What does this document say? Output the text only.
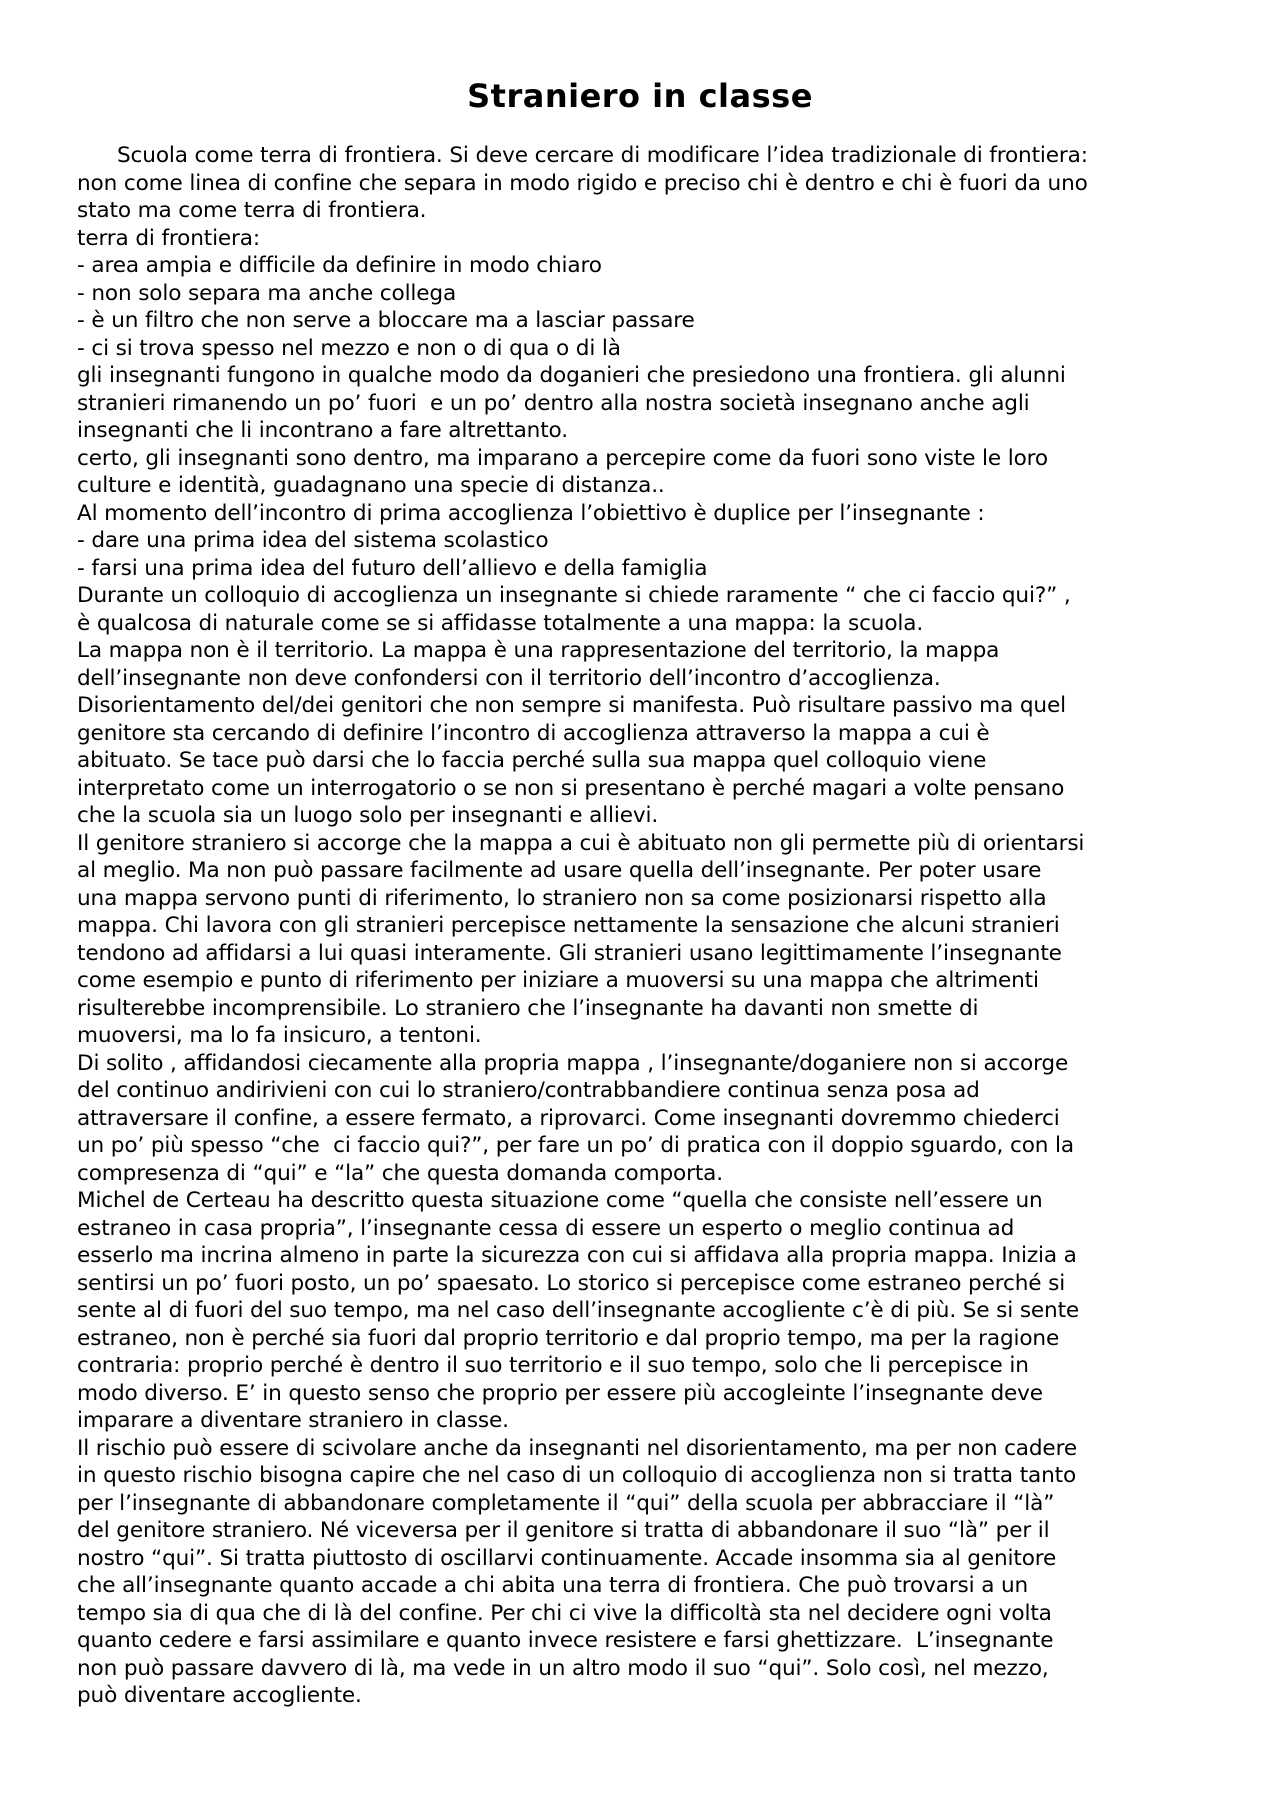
Straniero in classe
Scuola come terra di frontiera. Si deve cercare di modificare l’idea tradizionale di frontiera:
non come linea di confine che separa in modo rigido e preciso chi è dentro e chi è fuori da uno
stato ma come terra di frontiera.
terra di frontiera:
- area ampia e difficile da definire in modo chiaro
- non solo separa ma anche collega
- è un filtro che non serve a bloccare ma a lasciar passare
- ci si trova spesso nel mezzo e non o di qua o di là
gli insegnanti fungono in qualche modo da doganieri che presiedono una frontiera. gli alunni
stranieri rimanendo un po’ fuori  e un po’ dentro alla nostra società insegnano anche agli
insegnanti che li incontrano a fare altrettanto.
certo, gli insegnanti sono dentro, ma imparano a percepire come da fuori sono viste le loro
culture e identità, guadagnano una specie di distanza..
Al momento dell’incontro di prima accoglienza l’obiettivo è duplice per l’insegnante :
- dare una prima idea del sistema scolastico
- farsi una prima idea del futuro dell’allievo e della famiglia
Durante un colloquio di accoglienza un insegnante si chiede raramente “ che ci faccio qui?” ,
è qualcosa di naturale come se si affidasse totalmente a una mappa: la scuola.
La mappa non è il territorio. La mappa è una rappresentazione del territorio, la mappa
dell’insegnante non deve confondersi con il territorio dell’incontro d’accoglienza.
Disorientamento del/dei genitori che non sempre si manifesta. Può risultare passivo ma quel
genitore sta cercando di definire l’incontro di accoglienza attraverso la mappa a cui è
abituato. Se tace può darsi che lo faccia perché sulla sua mappa quel colloquio viene
interpretato come un interrogatorio o se non si presentano è perché magari a volte pensano
che la scuola sia un luogo solo per insegnanti e allievi.
Il genitore straniero si accorge che la mappa a cui è abituato non gli permette più di orientarsi
al meglio. Ma non può passare facilmente ad usare quella dell’insegnante. Per poter usare
una mappa servono punti di riferimento, lo straniero non sa come posizionarsi rispetto alla
mappa. Chi lavora con gli stranieri percepisce nettamente la sensazione che alcuni stranieri
tendono ad affidarsi a lui quasi interamente. Gli stranieri usano legittimamente l’insegnante
come esempio e punto di riferimento per iniziare a muoversi su una mappa che altrimenti
risulterebbe incomprensibile. Lo straniero che l’insegnante ha davanti non smette di
muoversi, ma lo fa insicuro, a tentoni.
Di solito , affidandosi ciecamente alla propria mappa , l’insegnante/doganiere non si accorge
del continuo andirivieni con cui lo straniero/contrabbandiere continua senza posa ad
attraversare il confine, a essere fermato, a riprovarci. Come insegnanti dovremmo chiederci
un po’ più spesso “che  ci faccio qui?”, per fare un po’ di pratica con il doppio sguardo, con la
compresenza di “qui” e “la” che questa domanda comporta.
Michel de Certeau ha descritto questa situazione come “quella che consiste nell’essere un
estraneo in casa propria”, l’insegnante cessa di essere un esperto o meglio continua ad
esserlo ma incrina almeno in parte la sicurezza con cui si affidava alla propria mappa. Inizia a
sentirsi un po’ fuori posto, un po’ spaesato. Lo storico si percepisce come estraneo perché si
sente al di fuori del suo tempo, ma nel caso dell’insegnante accogliente c’è di più. Se si sente
estraneo, non è perché sia fuori dal proprio territorio e dal proprio tempo, ma per la ragione
contraria: proprio perché è dentro il suo territorio e il suo tempo, solo che li percepisce in
modo diverso. E’ in questo senso che proprio per essere più accogleinte l’insegnante deve
imparare a diventare straniero in classe.
Il rischio può essere di scivolare anche da insegnanti nel disorientamento, ma per non cadere
in questo rischio bisogna capire che nel caso di un colloquio di accoglienza non si tratta tanto
per l’insegnante di abbandonare completamente il “qui” della scuola per abbracciare il “là”
del genitore straniero. Né viceversa per il genitore si tratta di abbandonare il suo “là” per il
nostro “qui”. Si tratta piuttosto di oscillarvi continuamente. Accade insomma sia al genitore
che all’insegnante quanto accade a chi abita una terra di frontiera. Che può trovarsi a un
tempo sia di qua che di là del confine. Per chi ci vive la difficoltà sta nel decidere ogni volta
quanto cedere e farsi assimilare e quanto invece resistere e farsi ghettizzare.  L’insegnante
non può passare davvero di là, ma vede in un altro modo il suo “qui”. Solo così, nel mezzo,
può diventare accogliente.
